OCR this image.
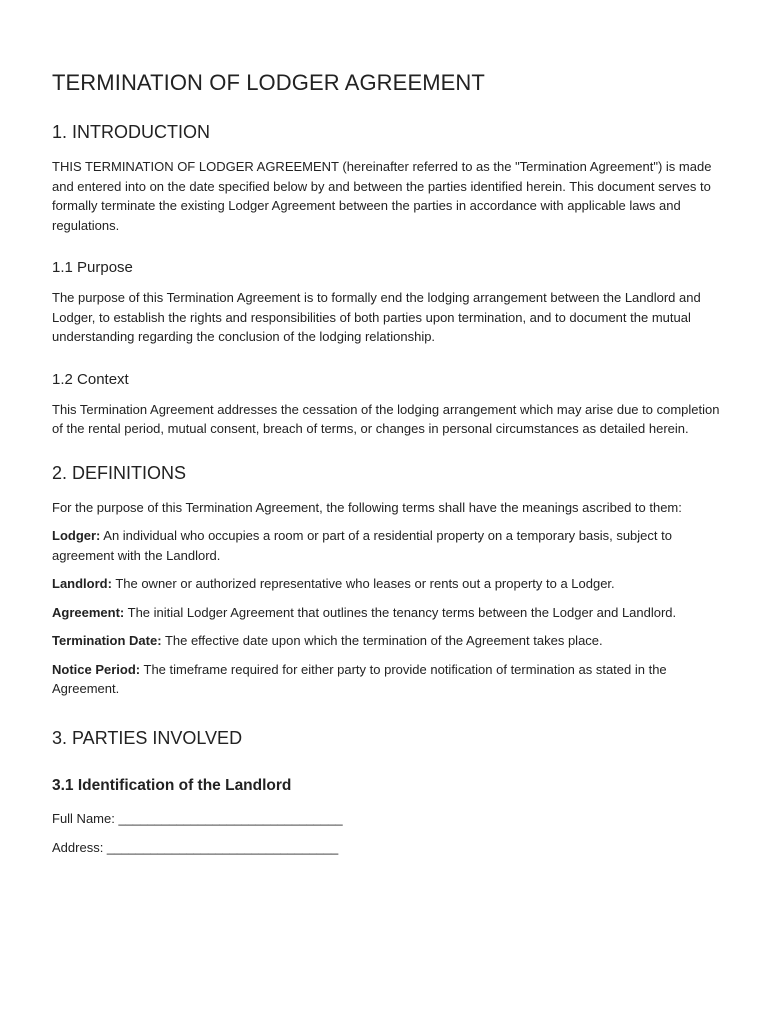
TERMINATION OF LODGER AGREEMENT
1. INTRODUCTION

THIS TERMINATION OF LODGER AGREEMENT (hereinafter referred to as the "Termination Agreement") is made and entered into on the date specified below by and between the parties identified herein. This document serves to formally terminate the existing Lodger Agreement between the parties in accordance with applicable laws and regulations.

1.1 Purpose

The purpose of this Termination Agreement is to formally end the lodging arrangement between the Landlord and Lodger, to establish the rights and responsibilities of both parties upon termination, and to document the mutual understanding regarding the conclusion of the lodging relationship.

1.2 Context

This Termination Agreement addresses the cessation of the lodging arrangement which may arise due to completion of the rental period, mutual consent, breach of terms, or changes in personal circumstances as detailed herein.

2. DEFINITIONS

For the purpose of this Termination Agreement, the following terms shall have the meanings ascribed to them:

Lodger: An individual who occupies a room or part of a residential property on a temporary basis, subject to agreement with the Landlord.

Landlord: The owner or authorized representative who leases or rents out a property to a Lodger.

Agreement: The initial Lodger Agreement that outlines the tenancy terms between the Lodger and Landlord.

Termination Date: The effective date upon which the termination of the Agreement takes place.

Notice Period: The timeframe required for either party to provide notification of termination as stated in the Agreement.

3. PARTIES INVOLVED
3.1 Identification of the Landlord
Full Name: _______________________________
Address: ________________________________
